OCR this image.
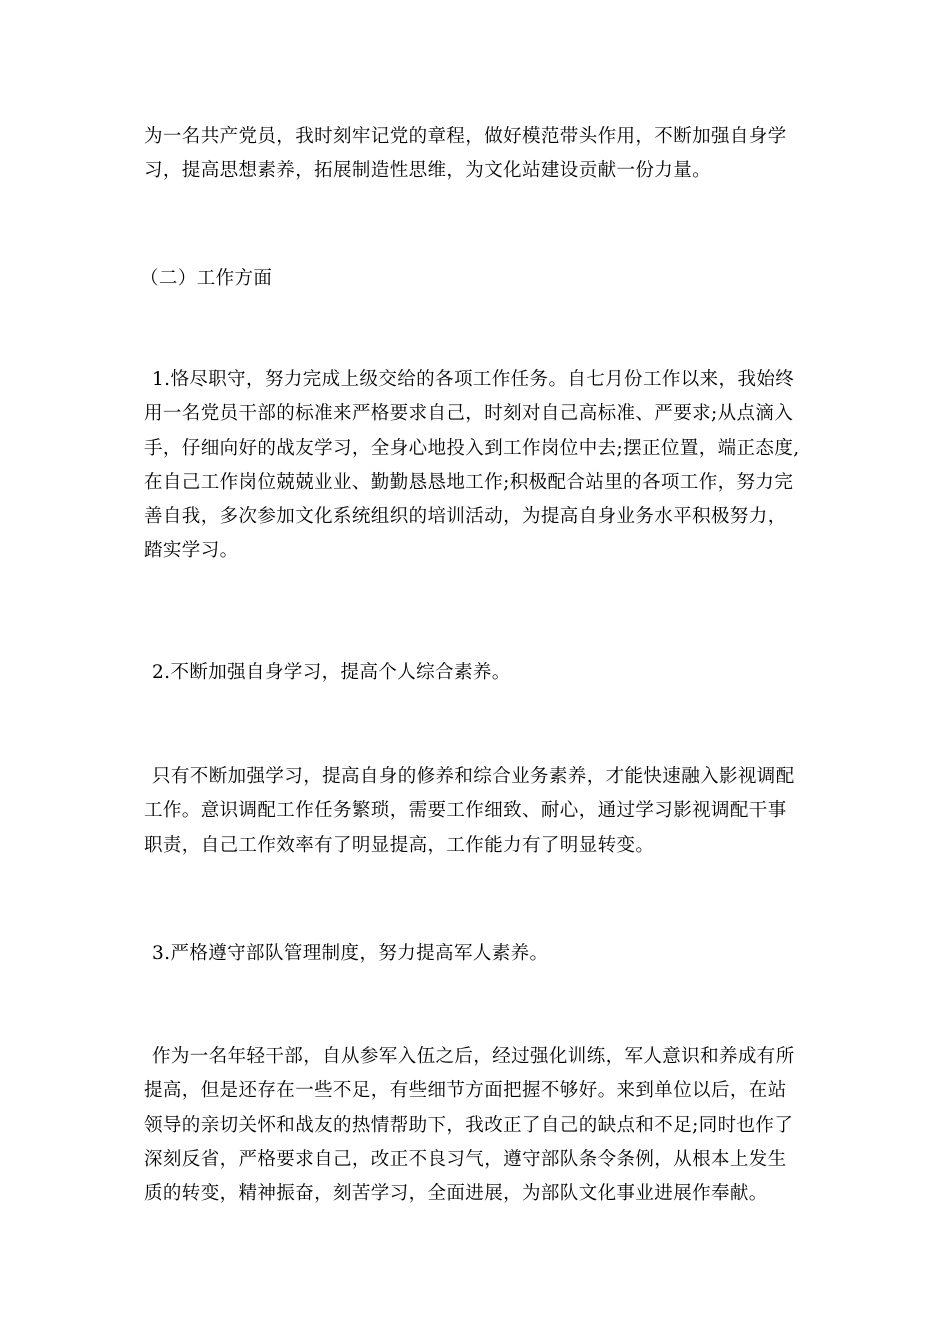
为一名共产党员，我时刻牢记党的章程，做好模范带头作用，不断加强自身学
习，提高思想素养，拓展制造性思维，为文化站建设贡献一份力量。

（二）工作方面

1.恪尽职守，努力完成上级交给的各项工作任务。自七月份工作以来，我始终
用一名党员干部的标准来严格要求自己，时刻对自己高标准、严要求;从点滴入
手，仔细向好的战友学习，全身心地投入到工作岗位中去;摆正位置，端正态度,
在自己工作岗位兢兢业业、勤勤恳恳地工作;积极配合站里的各项工作，努力完
善自我，多次参加文化系统组织的培训活动，为提高自身业务水平积极努力，
踏实学习。

2.不断加强自身学习，提高个人综合素养。

只有不断加强学习，提高自身的修养和综合业务素养，才能快速融入影视调配
工作。意识调配工作任务繁琐，需要工作细致、耐心，通过学习影视调配干事
职责，自己工作效率有了明显提高，工作能力有了明显转变。

3.严格遵守部队管理制度，努力提高军人素养。

作为一名年轻干部，自从参军入伍之后，经过强化训练，军人意识和养成有所
提高，但是还存在一些不足，有些细节方面把握不够好。来到单位以后，在站
领导的亲切关怀和战友的热情帮助下，我改正了自己的缺点和不足;同时也作了
深刻反省，严格要求自己，改正不良习气，遵守部队条令条例，从根本上发生
质的转变，精神振奋，刻苦学习，全面进展，为部队文化事业进展作奉献。
